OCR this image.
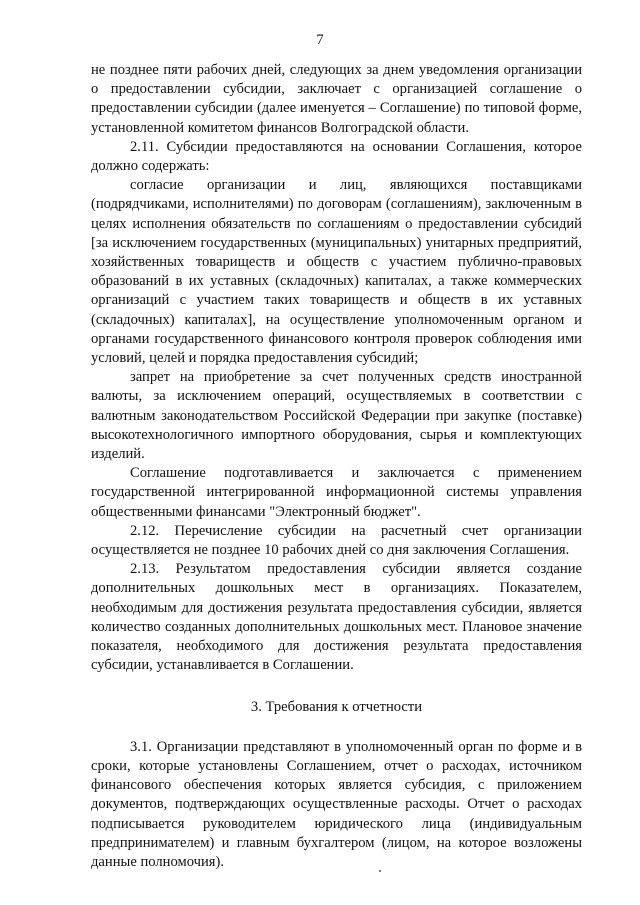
7

не позднее пяти рабочих дней, следующих за днем уведомления организации о предоставлении субсидии, заключает с организацией соглашение о предоставлении субсидии (далее именуется – Соглашение) по типовой форме, установленной комитетом финансов Волгоградской области.

2.11. Субсидии предоставляются на основании Соглашения, которое должно содержать:

согласие организации и лиц, являющихся поставщиками (подрядчиками, исполнителями) по договорам (соглашениям), заключенным в целях исполнения обязательств по соглашениям о предоставлении субсидий [за исключением государственных (муниципальных) унитарных предприятий, хозяйственных товариществ и обществ с участием публично-правовых образований в их уставных (складочных) капиталах, а также коммерческих организаций с участием таких товариществ и обществ в их уставных (складочных) капиталах], на осуществление уполномоченным органом и органами государственного финансового контроля проверок соблюдения ими условий, целей и порядка предоставления субсидий;

запрет на приобретение за счет полученных средств иностранной валюты, за исключением операций, осуществляемых в соответствии с валютным законодательством Российской Федерации при закупке (поставке) высокотехнологичного импортного оборудования, сырья и комплектующих изделий.

Соглашение подготавливается и заключается с применением государственной интегрированной информационной системы управления общественными финансами "Электронный бюджет".

2.12. Перечисление субсидии на расчетный счет организации осуществляется не позднее 10 рабочих дней со дня заключения Соглашения.

2.13. Результатом предоставления субсидии является создание дополнительных дошкольных мест в организациях. Показателем, необходимым для достижения результата предоставления субсидии, является количество созданных дополнительных дошкольных мест. Плановое значение показателя, необходимого для достижения результата предоставления субсидии, устанавливается в Соглашении.

3. Требования к отчетности

3.1. Организации представляют в уполномоченный орган по форме и в сроки, которые установлены Соглашением, отчет о расходах, источником финансового обеспечения которых является субсидия, с приложением документов, подтверждающих осуществленные расходы. Отчет о расходах подписывается руководителем юридического лица (индивидуальным предпринимателем) и главным бухгалтером (лицом, на которое возложены данные полномочия).
